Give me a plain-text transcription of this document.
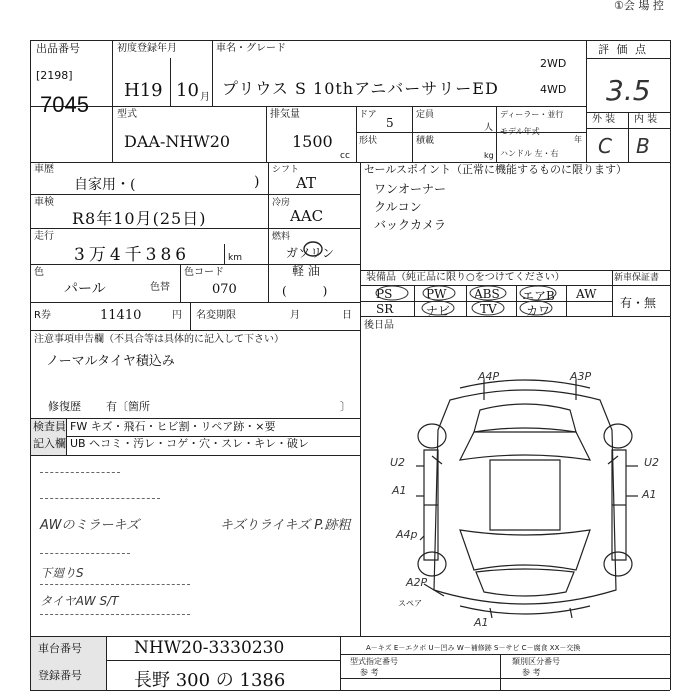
①会 場 控
出品番号
[2198]
7045
初度登録年月
H19 10 月
車名・グレード
プリウス S 10thアニバーサリーED
2WD
4WD
評 価 点
3.5
外 装 内 装
C B
型式
DAA-NHW20
排気量
1500
cc
ドア
5
形状
定員
人
積載
kg
ディーラー・並行
モデル年式
年
ハンドル 左・右
車歴
自家用・(	)
シフト
AT
車検
R8年10月(25日)
冷房
AAC
走行
3万4千386	km
燃料
ガソリン
軽 油
(　　　)
色
パール	色替
色コード
070
R券	11410	円 名変期限	月	日
セールスポイント（正常に機能するものに限ります）
ワンオーナー
クルコン
バックカメラ
装備品（純正品に限り○をつけてください）	新車保証書
有・無
PS	PW ABS エアB AW
SR	ナビ TV カワ
後日品
注意事項申告欄（不具合等は具体的に記入して下さい）
ノーマルタイヤ積込み
修復歴 有〔箇所	〕
検査員
記入欄
FW キズ・飛石・ヒビ割・リペア跡・×要
UB ヘコミ・汚レ・コゲ・穴・スレ・キレ・破レ
AWのミラーキズ	キズりライキズ P.跡粗
下廻りS
タイヤAW S/T
A4P	A3P
U2	U2
A1	A1
A4p
A2P
A1
スペア
A－キズ E－エクボ U－凹み W－補修跡 S－サビ C－腐食 XX－交換
車台番号	NHW20-3330230
登録番号	長野 300 の 1386
型式指定番号
参 考
類別区分番号
参 考
